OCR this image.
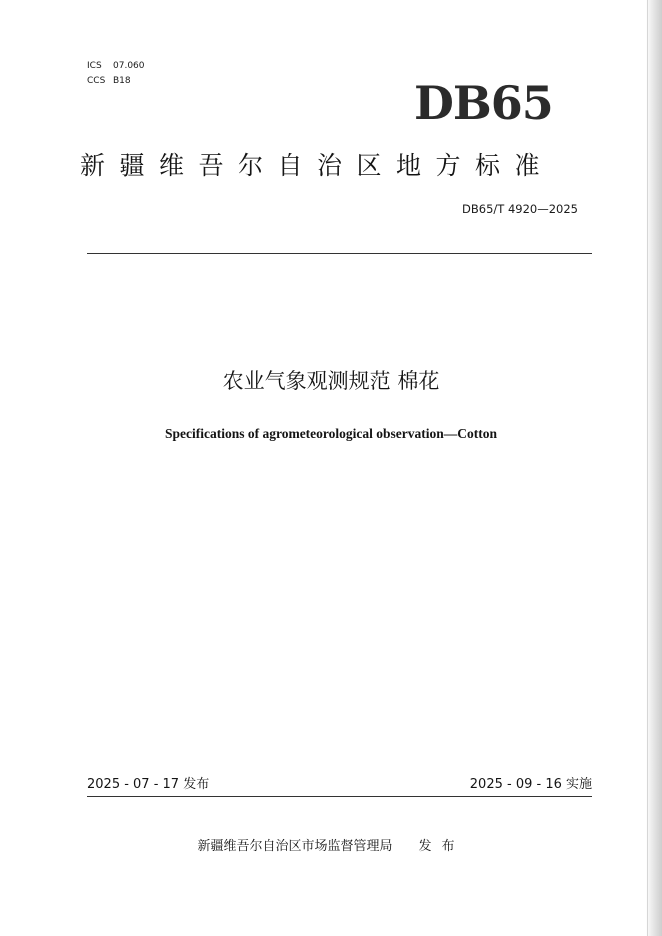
ICS 07.060
CCS B18	DB65
新疆维吾尔自治区地方标准
DB65/T 4920—2025
农业气象观测规范 棉花
Specifications of agrometeorological observation—Cotton
2025 - 07 - 17 发布	2025 - 09 - 16 实施
新疆维吾尔自治区市场监督管理局 发布
